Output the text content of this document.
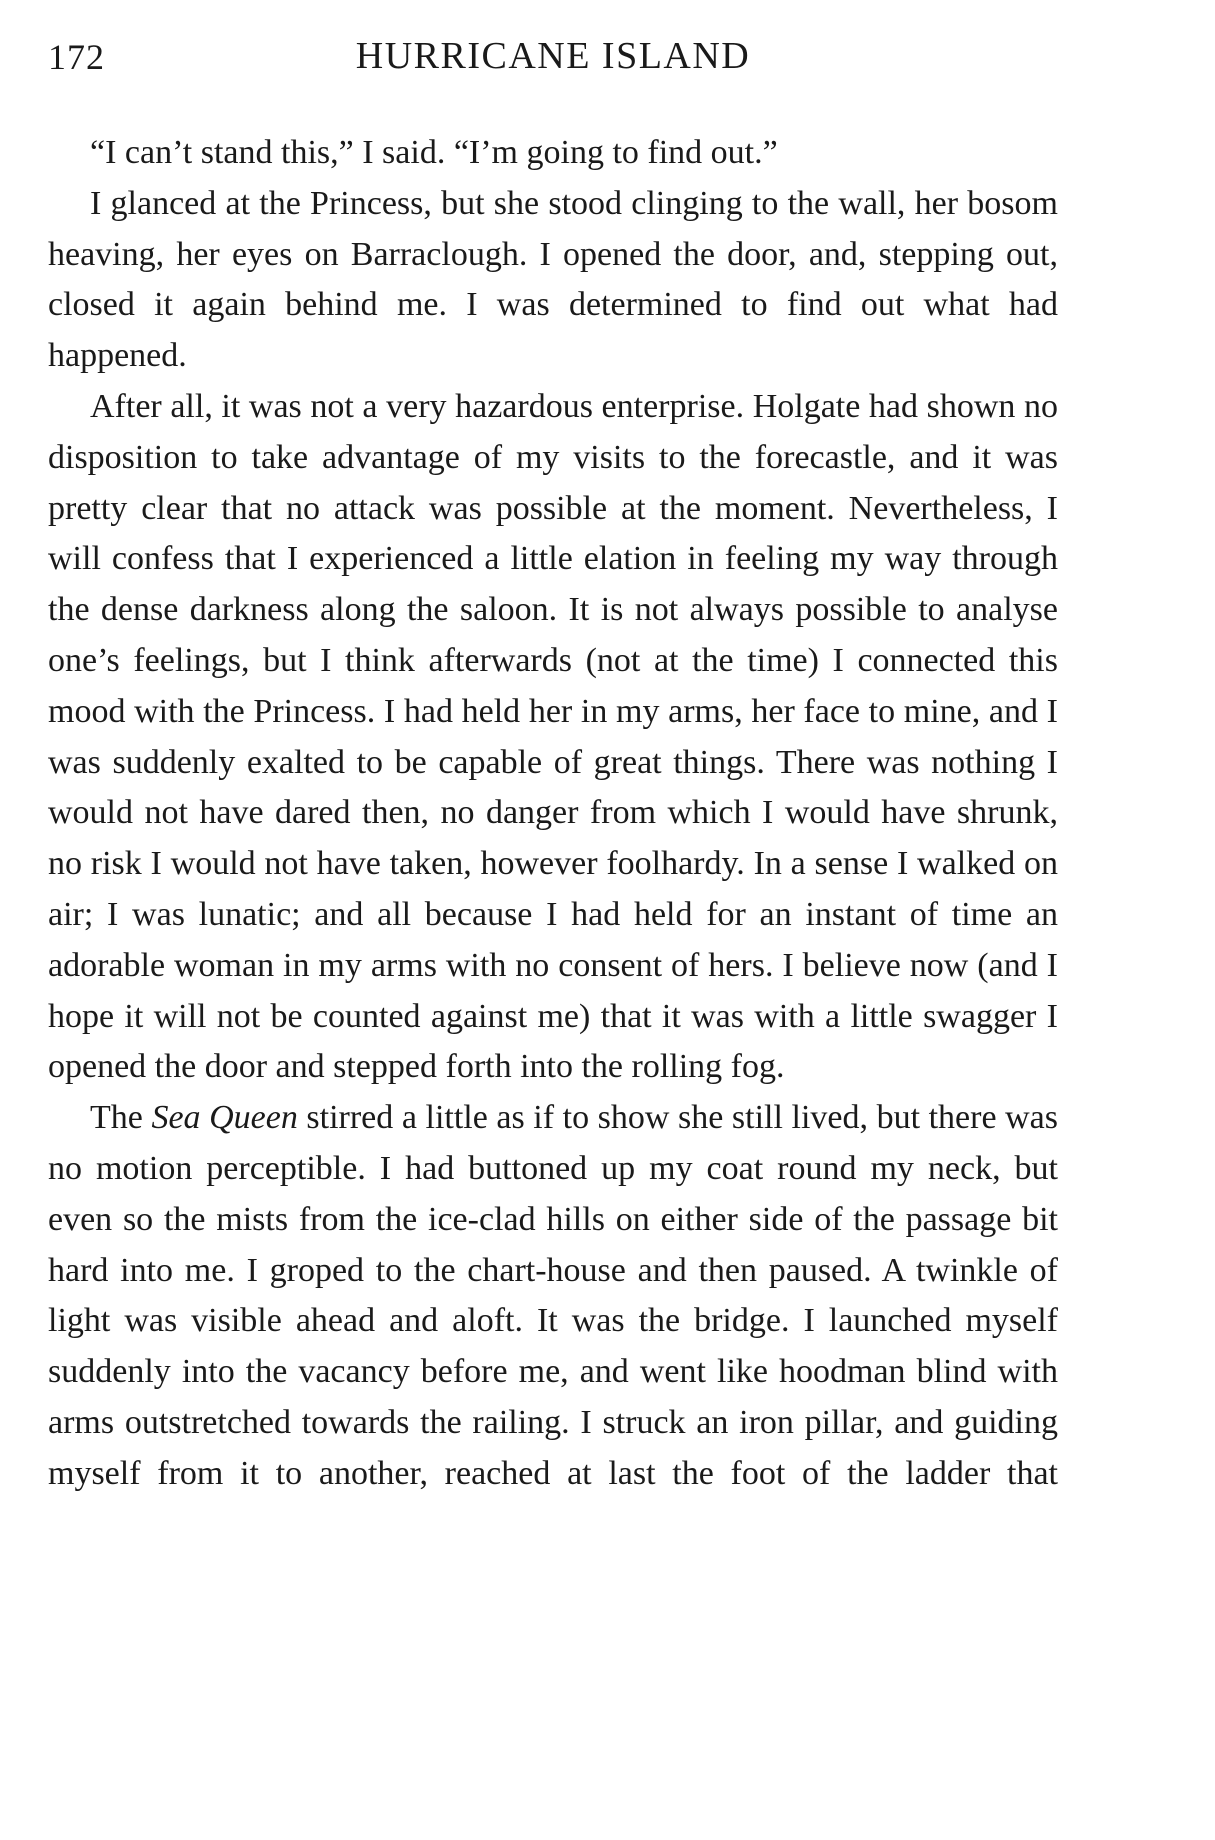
172	HURRICANE ISLAND

“I can’t stand this,” I said. “I’m going to find out.”

I glanced at the Princess, but she stood clinging to the wall, her bosom heaving, her eyes on Barraclough. I opened the door, and, stepping out, closed it again behind me. I was determined to find out what had happened.

After all, it was not a very hazardous enterprise. Holgate had shown no disposition to take advantage of my visits to the forecastle, and it was pretty clear that no attack was possible at the moment. Nevertheless, I will confess that I experienced a little elation in feeling my way through the dense darkness along the saloon. It is not always possible to analyse one’s feelings, but I think afterwards (not at the time) I connected this mood with the Princess. I had held her in my arms, her face to mine, and I was suddenly exalted to be capable of great things. There was nothing I would not have dared then, no danger from which I would have shrunk, no risk I would not have taken, however foolhardy. In a sense I walked on air; I was lunatic; and all because I had held for an instant of time an adorable woman in my arms with no consent of hers. I believe now (and I hope it will not be counted against me) that it was with a little swagger I opened the door and stepped forth into the rolling fog.

The Sea Queen stirred a little as if to show she still lived, but there was no motion perceptible. I had buttoned up my coat round my neck, but even so the mists from the ice-clad hills on either side of the passage bit hard into me. I groped to the chart-house and then paused. A twinkle of light was visible ahead and aloft. It was the bridge. I launched myself suddenly into the vacancy before me, and went like hoodman blind with arms outstretched towards the railing. I struck an iron pillar, and guiding myself from it to another, reached at last the foot of the ladder that
